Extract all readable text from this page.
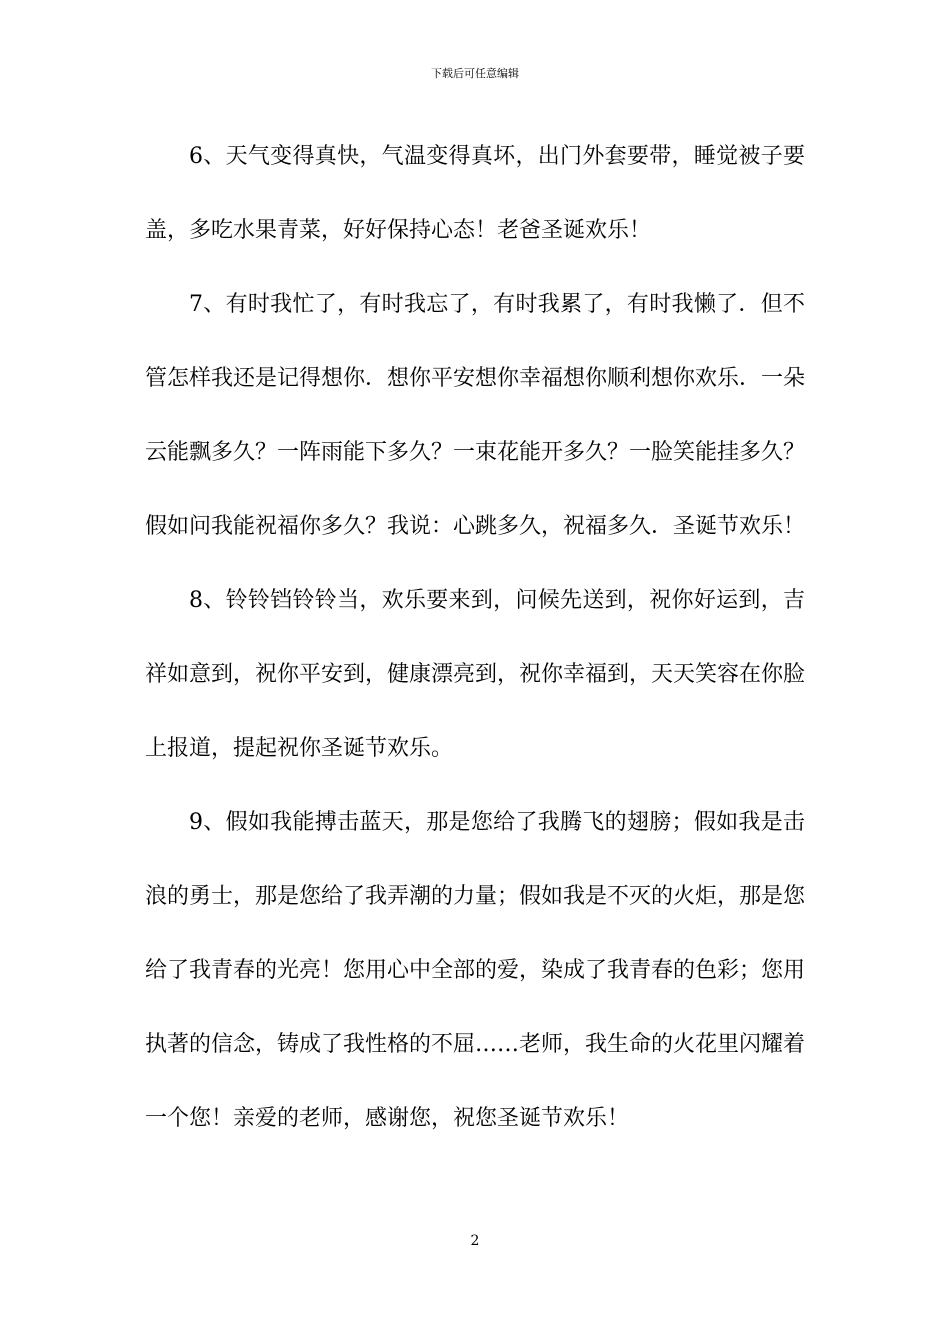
下载后可任意编辑

6、天气变得真快，气温变得真坏，出门外套要带，睡觉被子要盖，多吃水果青菜，好好保持心态！老爸圣诞欢乐！

7、有时我忙了，有时我忘了，有时我累了，有时我懒了．但不管怎样我还是记得想你．想你平安想你幸福想你顺利想你欢乐．一朵云能飘多久？一阵雨能下多久？一束花能开多久？一脸笑能挂多久？假如问我能祝福你多久？我说：心跳多久，祝福多久．圣诞节欢乐！

8、铃铃铛铃铃当，欢乐要来到，问候先送到，祝你好运到，吉祥如意到，祝你平安到，健康漂亮到，祝你幸福到，天天笑容在你脸上报道，提起祝你圣诞节欢乐。

9、假如我能搏击蓝天，那是您给了我腾飞的翅膀；假如我是击浪的勇士，那是您给了我弄潮的力量；假如我是不灭的火炬，那是您给了我青春的光亮！您用心中全部的爱，染成了我青春的色彩；您用执著的信念，铸成了我性格的不屈……老师，我生命的火花里闪耀着一个您！亲爱的老师，感谢您，祝您圣诞节欢乐！

2
